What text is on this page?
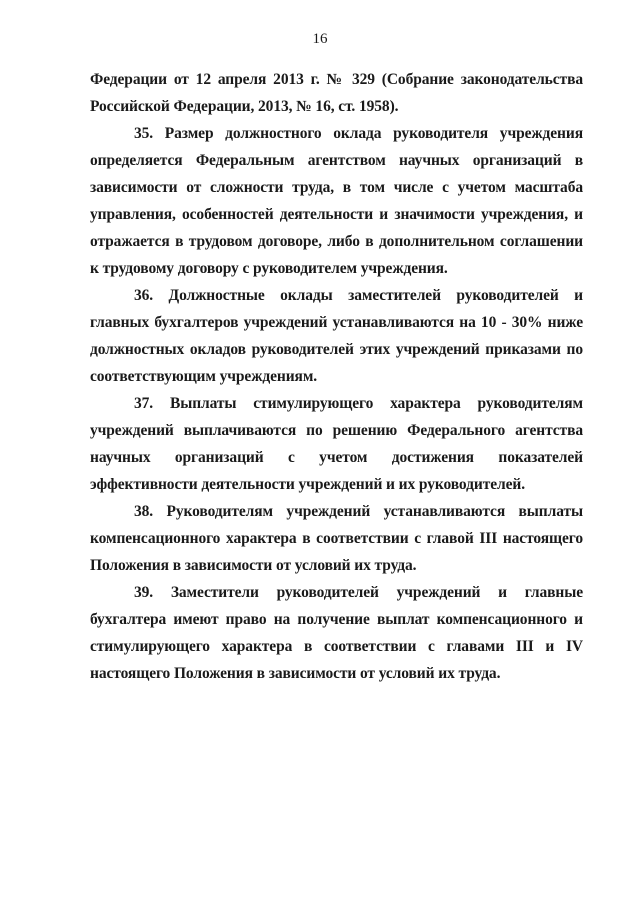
16

Федерации от 12 апреля 2013 г. № 329 (Собрание законодательства Российской Федерации, 2013, № 16, ст. 1958).

35. Размер должностного оклада руководителя учреждения определяется Федеральным агентством научных организаций в зависимости от сложности труда, в том числе с учетом масштаба управления, особенностей деятельности и значимости учреждения, и отражается в трудовом договоре, либо в дополнительном соглашении к трудовому договору с руководителем учреждения.

36. Должностные оклады заместителей руководителей и главных бухгалтеров учреждений устанавливаются на 10 - 30% ниже должностных окладов руководителей этих учреждений приказами по соответствующим учреждениям.

37. Выплаты стимулирующего характера руководителям учреждений выплачиваются по решению Федерального агентства научных организаций с учетом достижения показателей эффективности деятельности учреждений и их руководителей.

38. Руководителям учреждений устанавливаются выплаты компенсационного характера в соответствии с главой III настоящего Положения в зависимости от условий их труда.

39. Заместители руководителей учреждений и главные бухгалтера имеют право на получение выплат компенсационного и стимулирующего характера в соответствии с главами III и IV настоящего Положения в зависимости от условий их труда.
